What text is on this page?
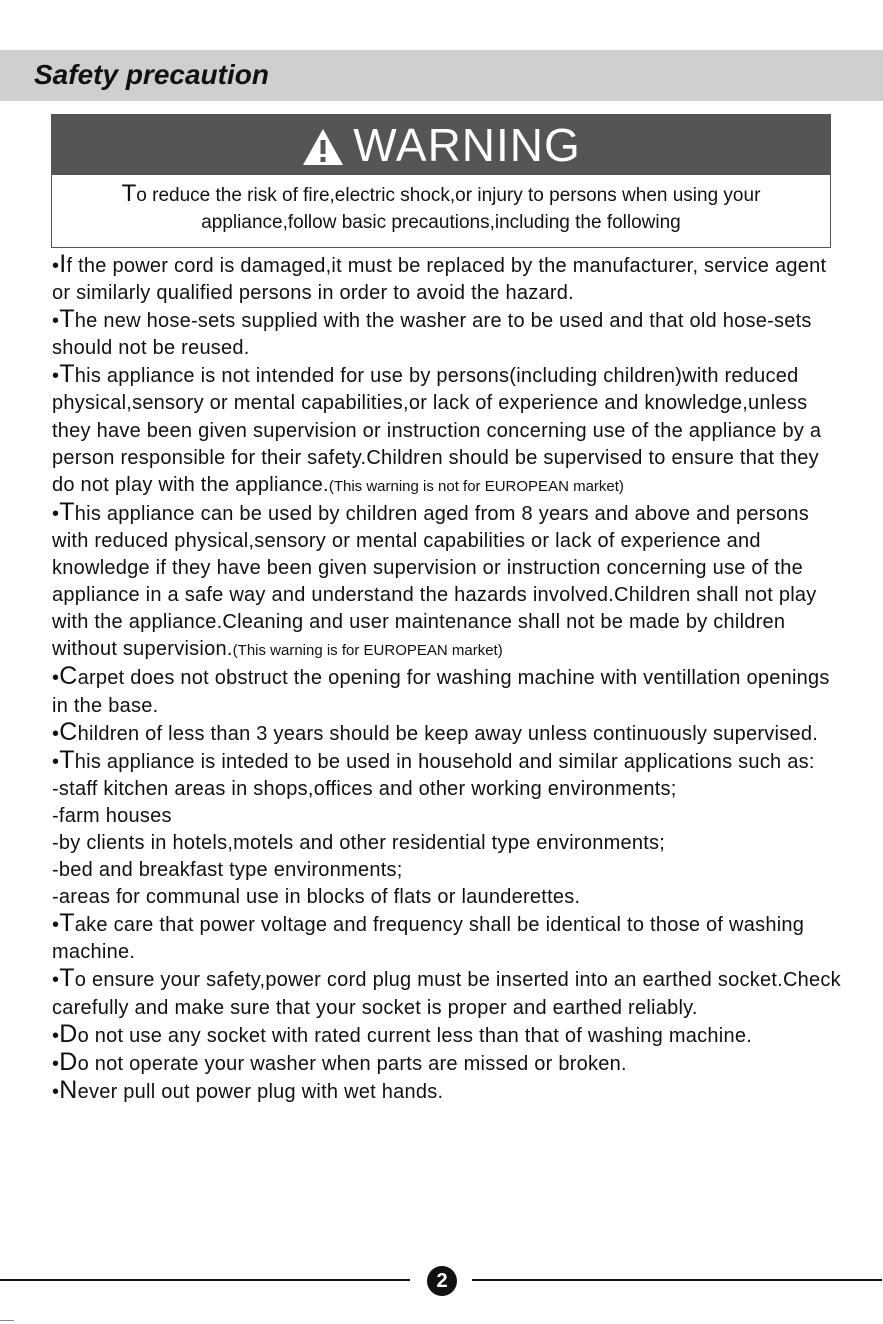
Safety precaution
WARNING
To reduce the risk of fire,electric shock,or injury to persons when using your
appliance,follow basic precautions,including the following

•If the power cord is damaged,it must be replaced by the manufacturer, service agent or similarly qualified persons in order to avoid the hazard.

•The new hose-sets supplied with the washer are to be used and that old hose-sets should not be reused.

•This appliance is not intended for use by persons(including children)with reduced physical,sensory or mental capabilities,or lack of experience and knowledge,unless they have been given supervision or instruction concerning use of the appliance by a person responsible for their safety.Children should be supervised to ensure that they do not play with the appliance.(This warning is not for EUROPEAN market)

•This appliance can be used by children aged from 8 years and above and persons with reduced physical,sensory or mental capabilities or lack of experience and knowledge if they have been given supervision or instruction concerning use of the appliance in a safe way and understand the hazards involved.Children shall not play with the appliance.Cleaning and user maintenance shall not be made by children without supervision.(This warning is for EUROPEAN market)

•Carpet does not obstruct the opening for washing machine with ventillation openings in the base.

•Children of less than 3 years should be keep away unless continuously supervised.

•This appliance is inteded to be used in household and similar applications such as:

-staff kitchen areas in shops,offices and other working environments;

-farm houses

-by clients in hotels,motels and other residential type environments;

-bed and breakfast type environments;

-areas for communal use in blocks of flats or launderettes.

•Take care that power voltage and frequency shall be identical to those of washing machine.

•To ensure your safety,power cord plug must be inserted into an earthed socket.Check carefully and make sure that your socket is proper and earthed reliably.

•Do not use any socket with rated current less than that of washing machine.

•Do not operate your washer when parts are missed or broken.

•Never pull out power plug with wet hands.

2
